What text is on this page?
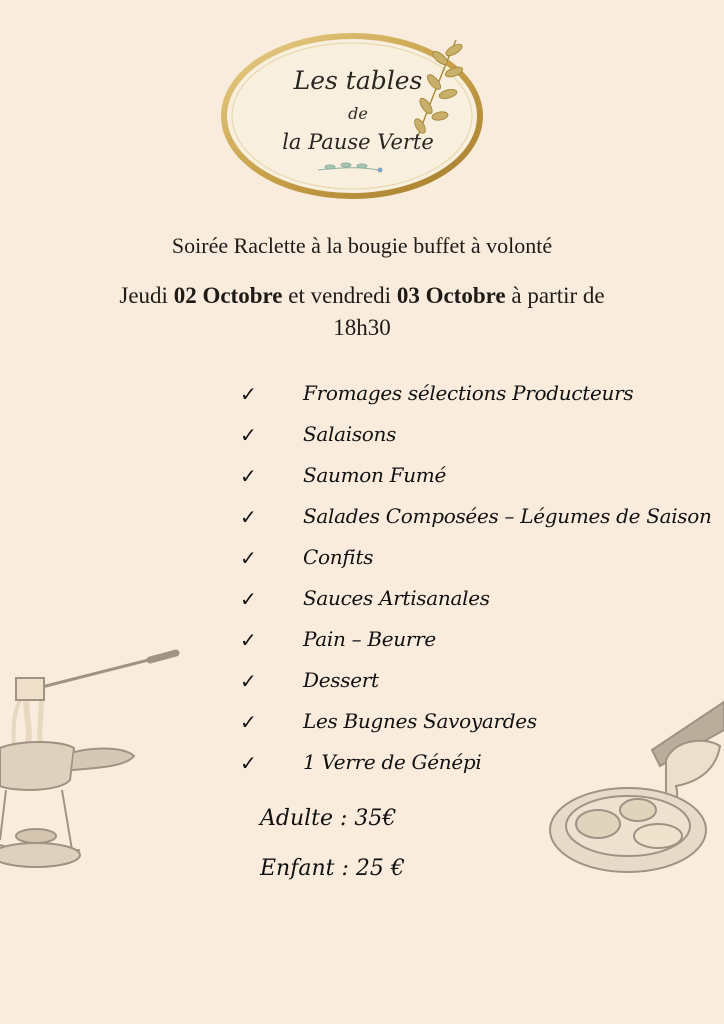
Les tables
de
la Pause Verte
Soirée Raclette à la bougie buffet à volonté
Jeudi 02 Octobre et vendredi 03 Octobre à partir de
18h30
✓ Fromages sélections Producteurs
✓ Salaisons
✓ Saumon Fumé
✓ Salades Composées – Légumes de Saison
✓ Confits
✓ Sauces Artisanales
✓ Pain – Beurre
✓ Dessert
✓ Les Bugnes Savoyardes
✓ 1 Verre de Génépi
Adulte : 35€
Enfant : 25 €
